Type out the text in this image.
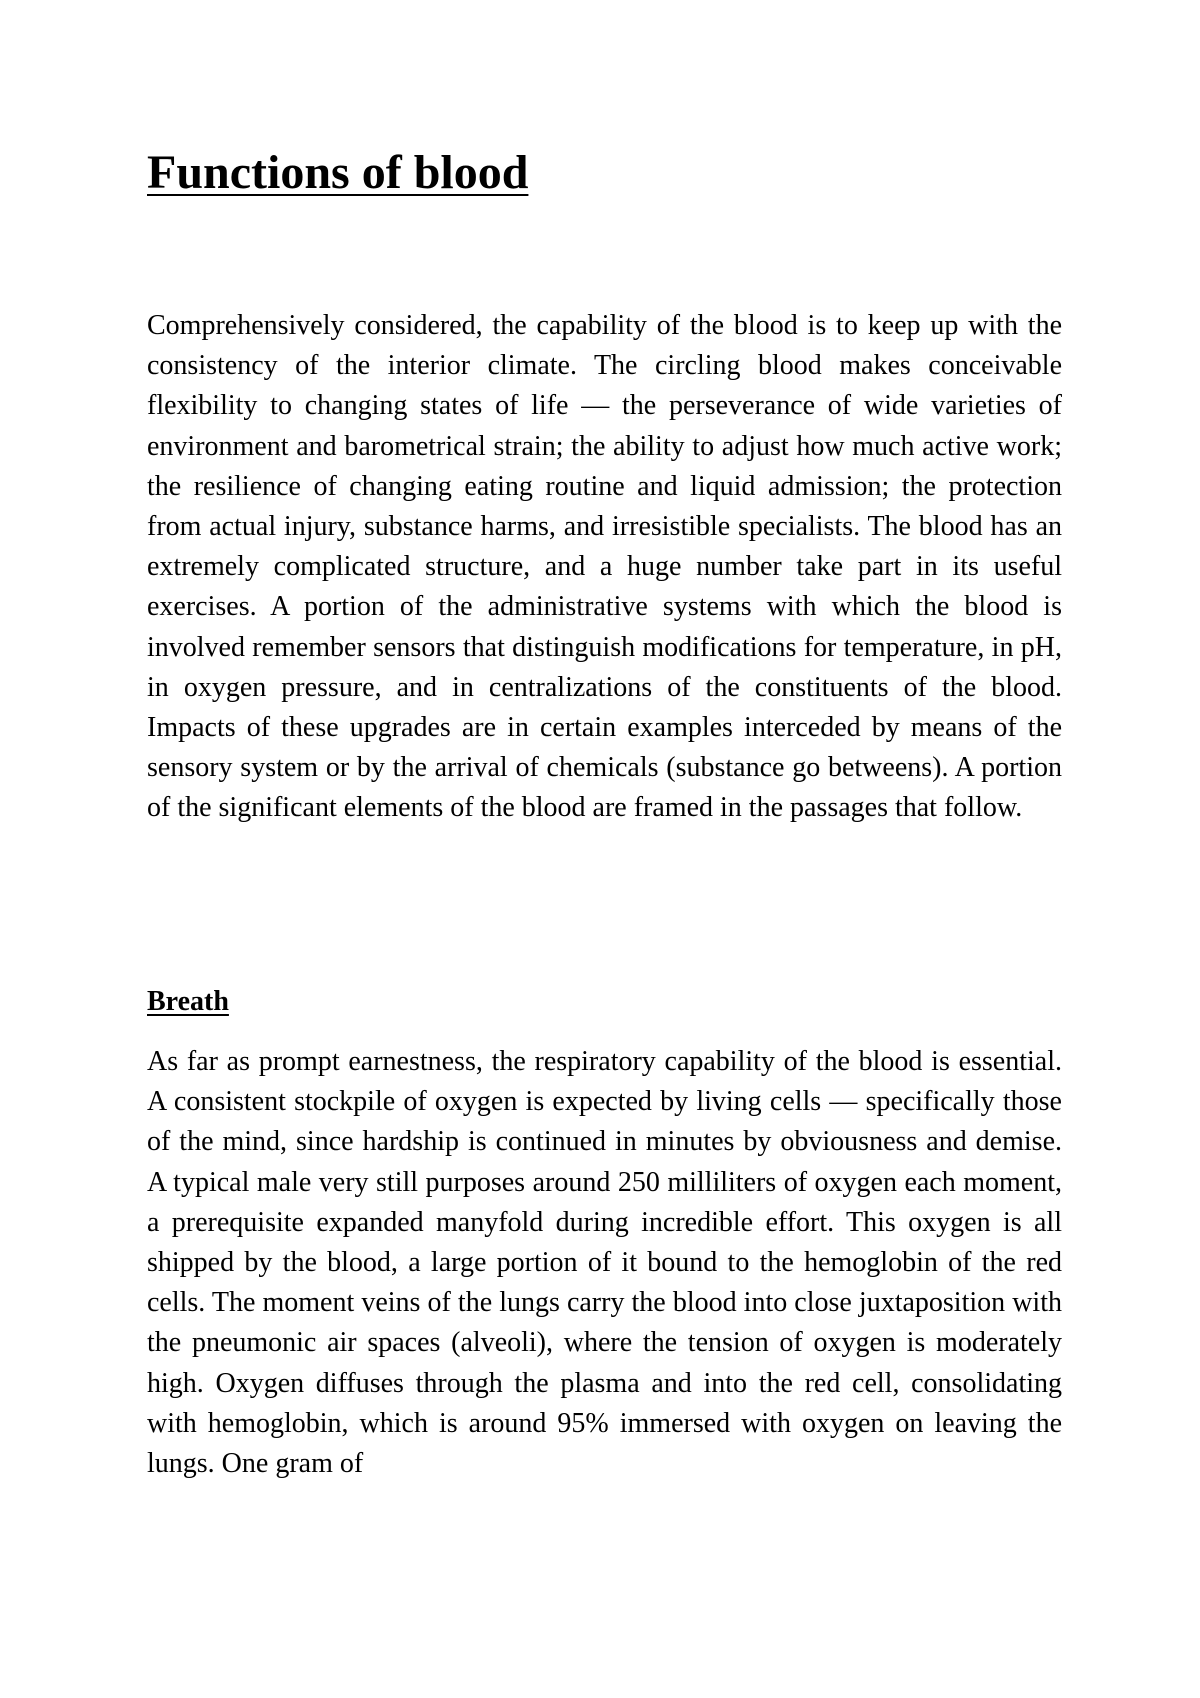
Functions of blood

Comprehensively considered, the capability of the blood is to keep up with the consistency of the interior climate. The circling blood makes conceivable flexibility to changing states of life — the perseverance of wide varieties of environment and barometrical strain; the ability to adjust how much active work; the resilience of changing eating routine and liquid admission; the protection from actual injury, substance harms, and irresistible specialists. The blood has an extremely complicated structure, and a huge number take part in its useful exercises. A portion of the administrative systems with which the blood is involved remember sensors that distinguish modifications for temperature, in pH, in oxygen pressure, and in centralizations of the constituents of the blood. Impacts of these upgrades are in certain examples interceded by means of the sensory system or by the arrival of chemicals (substance go betweens). A portion of the significant elements of the blood are framed in the passages that follow.

Breath

As far as prompt earnestness, the respiratory capability of the blood is essential. A consistent stockpile of oxygen is expected by living cells — specifically those of the mind, since hardship is continued in minutes by obviousness and demise. A typical male very still purposes around 250 milliliters of oxygen each moment, a prerequisite expanded manyfold during incredible effort. This oxygen is all shipped by the blood, a large portion of it bound to the hemoglobin of the red cells. The moment veins of the lungs carry the blood into close juxtaposition with the pneumonic air spaces (alveoli), where the tension of oxygen is moderately high. Oxygen diffuses through the plasma and into the red cell, consolidating with hemoglobin, which is around 95% immersed with oxygen on leaving the lungs. One gram of
